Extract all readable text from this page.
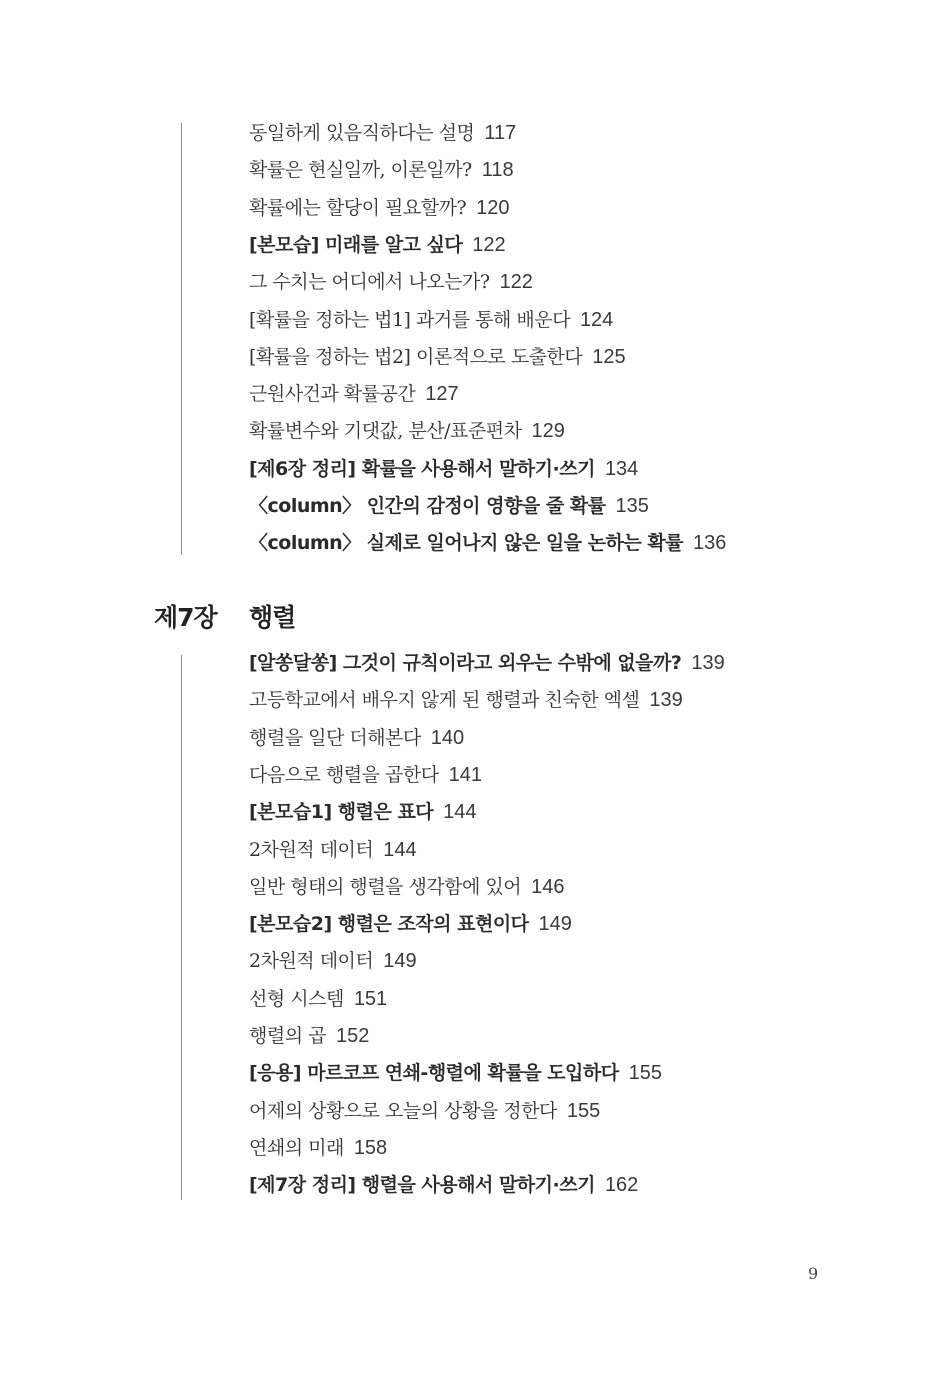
동일하게 있음직하다는 설명 117
확률은 현실일까, 이론일까? 118
확률에는 할당이 필요할까? 120
[본모습] 미래를 알고 싶다 122
그 수치는 어디에서 나오는가? 122
[확률을 정하는 법1] 과거를 통해 배운다 124
[확률을 정하는 법2] 이론적으로 도출한다 125
근원사건과 확률공간 127
확률변수와 기댓값, 분산/표준편차 129
[제6장 정리] 확률을 사용해서 말하기·쓰기 134
〈column〉 인간의 감정이 영향을 줄 확률 135
〈column〉 실제로 일어나지 않은 일을 논하는 확률 136
제7장 행렬
[알쏭달쏭] 그것이 규칙이라고 외우는 수밖에 없을까? 139
고등학교에서 배우지 않게 된 행렬과 친숙한 엑셀 139
행렬을 일단 더해본다 140
다음으로 행렬을 곱한다 141
[본모습1] 행렬은 표다 144
2차원적 데이터 144
일반 형태의 행렬을 생각함에 있어 146
[본모습2] 행렬은 조작의 표현이다 149
2차원적 데이터 149
선형 시스템 151
행렬의 곱 152
[응용] 마르코프 연쇄-행렬에 확률을 도입하다 155
어제의 상황으로 오늘의 상황을 정한다 155
연쇄의 미래 158
[제7장 정리] 행렬을 사용해서 말하기·쓰기 162
9
